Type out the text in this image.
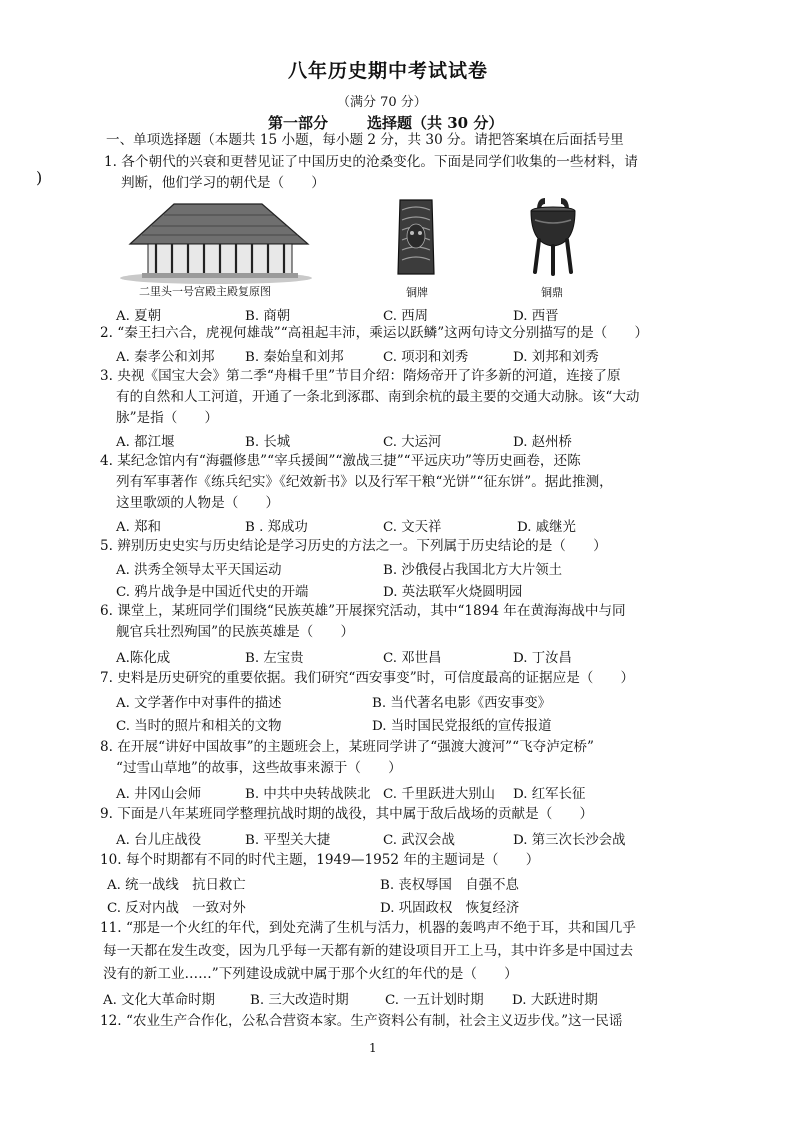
八年历史期中考试试卷
（满分 70 分）
第一部分	选择题（共 30 分）
一、单项选择题（本题共 15 小题，每小题 2 分，共 30 分。请把答案填在后面括号里
)
1. 各个朝代的兴衰和更替见证了中国历史的沧桑变化。下面是同学们收集的一些材料，请
判断，他们学习的朝代是（　　）
二里头一号宫殿主殿复原图	铜牌	铜鼎
A. 夏朝	B. 商朝	C. 西周	D. 西晋
2. “秦王扫六合，虎视何雄哉”“高祖起丰沛，乘运以跃鳞”这两句诗文分别描写的是（　　）
A. 秦孝公和刘邦 B. 秦始皇和刘邦	C. 项羽和刘秀	D. 刘邦和刘秀
3. 央视《国宝大会》第二季“舟楫千里”节目介绍：隋炀帝开了许多新的河道，连接了原
有的自然和人工河道，开通了一条北到涿郡、南到余杭的最主要的交通大动脉。该“大动
脉”是指（　　）
A. 都江堰	B. 长城	C. 大运河	D. 赵州桥
4. 某纪念馆内有“海疆修患”“宰兵援闽”“激战三捷”“平远庆功”等历史画卷，还陈
列有军事著作《练兵纪实》《纪效新书》以及行军干粮“光饼”“征东饼”。据此推测，
这里歌颂的人物是（　　）
A. 郑和	B . 郑成功	C. 文天祥	D. 戚继光
5. 辨别历史史实与历史结论是学习历史的方法之一。下列属于历史结论的是（　　）
A. 洪秀全领导太平天国运动	B. 沙俄侵占我国北方大片领土
C. 鸦片战争是中国近代史的开端	D. 英法联军火烧圆明园
6. 课堂上，某班同学们围绕“民族英雄”开展探究活动，其中“1894 年在黄海海战中与同
舰官兵壮烈殉国”的民族英雄是（　　）
A.陈化成	B. 左宝贵	C. 邓世昌	D. 丁汝昌
7. 史料是历史研究的重要依据。我们研究“西安事变”时，可信度最高的证据应是（　　）
A. 文学著作中对事件的描述	B. 当代著名电影《西安事变》
C. 当时的照片和相关的文物	D. 当时国民党报纸的宣传报道
8. 在开展“讲好中国故事”的主题班会上，某班同学讲了“强渡大渡河”“飞夺泸定桥”
“过雪山草地”的故事，这些故事来源于（　　）
A. 井冈山会师	B. 中共中央转战陕北 C. 千里跃进大别山 D. 红军长征
9. 下面是八年某班同学整理抗战时期的战役，其中属于敌后战场的贡献是（　　）
A. 台儿庄战役	B. 平型关大捷	C. 武汉会战	D. 第三次长沙会战
10. 每个时期都有不同的时代主题，1949—1952 年的主题词是（　　）
A. 统一战线　抗日救亡	B. 丧权辱国　自强不息
C. 反对内战　一致对外	D. 巩固政权　恢复经济
11. “那是一个火红的年代，到处充满了生机与活力，机器的轰鸣声不绝于耳，共和国几乎
每一天都在发生改变，因为几乎每一天都有新的建设项目开工上马，其中许多是中国过去
没有的新工业……”下列建设成就中属于那个火红的年代的是（　　）
A. 文化大革命时期	B. 三大改造时期	C. 一五计划时期 D. 大跃进时期
12. “农业生产合作化，公私合营资本家。生产资料公有制，社会主义迈步伐。”这一民谣
1
